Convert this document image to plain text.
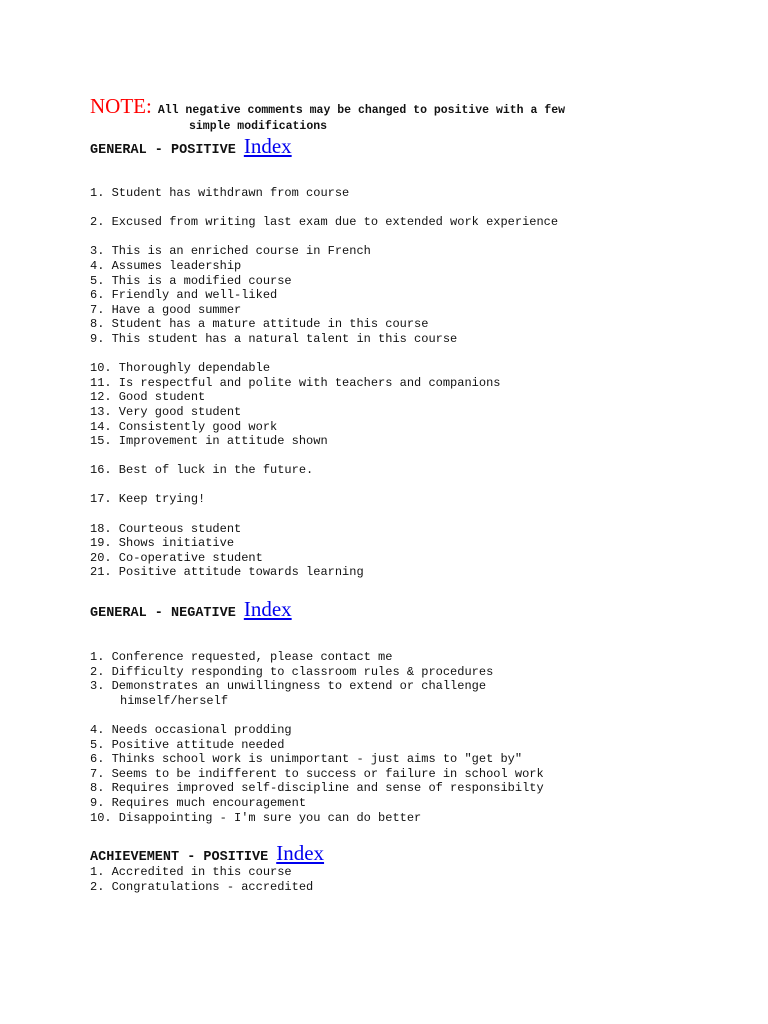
NOTE: All negative comments may be changed to positive with a few
simple modifications
GENERAL - POSITIVE Index
1. Student has withdrawn from course
2. Excused from writing last exam due to extended work experience
3. This is an enriched course in French
4. Assumes leadership
5. This is a modified course
6. Friendly and well-liked
7. Have a good summer
8. Student has a mature attitude in this course
9. This student has a natural talent in this course
10. Thoroughly dependable
11. Is respectful and polite with teachers and companions
12. Good student
13. Very good student
14. Consistently good work
15. Improvement in attitude shown
16. Best of luck in the future.
17. Keep trying!
18. Courteous student
19. Shows initiative
20. Co-operative student
21. Positive attitude towards learning
GENERAL - NEGATIVE Index
1. Conference requested, please contact me
2. Difficulty responding to classroom rules & procedures
3. Demonstrates an unwillingness to extend or challenge
himself/herself
4. Needs occasional prodding
5. Positive attitude needed
6. Thinks school work is unimportant - just aims to "get by"
7. Seems to be indifferent to success or failure in school work
8. Requires improved self-discipline and sense of responsibilty
9. Requires much encouragement
10. Disappointing - I'm sure you can do better
ACHIEVEMENT - POSITIVE Index
1. Accredited in this course
2. Congratulations - accredited
